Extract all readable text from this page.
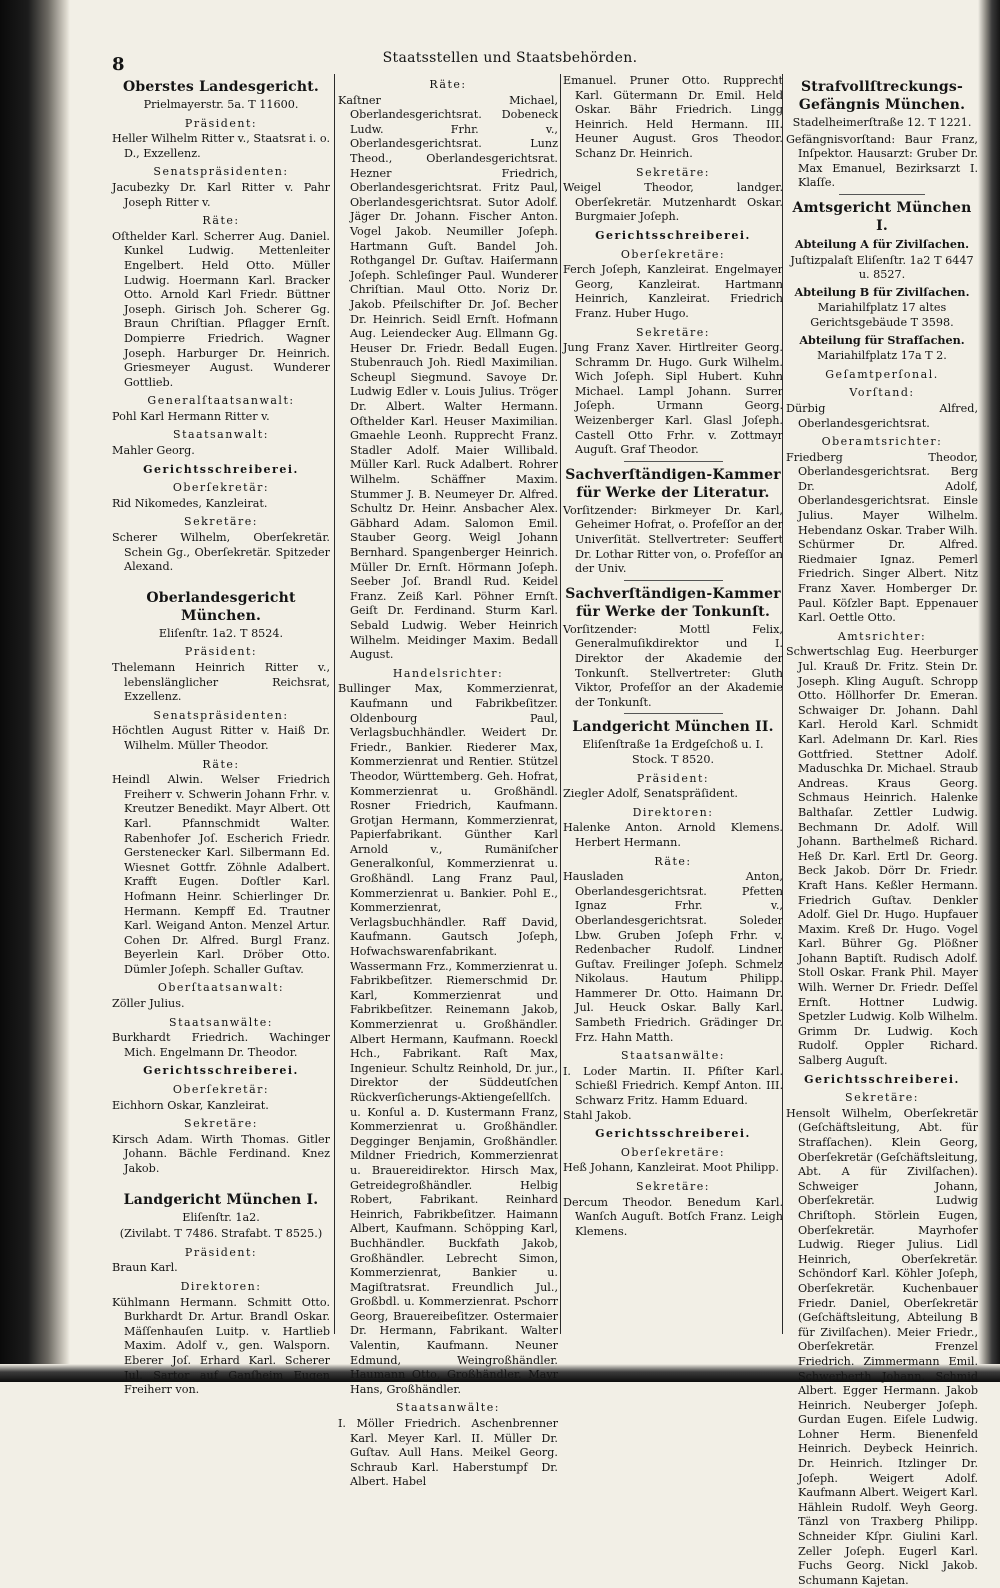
8	Staatsstellen und Staatsbehörden.
Oberstes Landesgericht.
Prielmayerstr. 5a. T 11600.
Präsident:

Heller Wilhelm Ritter v., Staatsrat i. o. D., Exzellenz.

Senatspräsidenten:

Jacubezky Dr. Karl Ritter v. Pahr Joseph Ritter v.

Räte:

Oſthelder Karl. Scherrer Aug. Daniel. Kunkel Ludwig. Mettenleiter Engelbert. Held Otto. Müller Ludwig. Hoermann Karl. Bracker Otto. Arnold Karl Friedr. Büttner Joseph. Girisch Joh. Scherer Gg. Braun Chriſtian. Pflagger Ernſt. Dompierre Friedrich. Wagner Joseph. Harburger Dr. Heinrich. Griesmeyer August. Wunderer Gottlieb.

Generalſtaatsanwalt:

Pohl Karl Hermann Ritter v.

Staatsanwalt:

Mahler Georg.

Gerichtsschreiberei.
Oberſekretär:

Rid Nikomedes, Kanzleirat.

Sekretäre:

Scherer Wilhelm, Oberſekretär. Schein Gg., Oberſekretär. Spitzeder Alexand.

Oberlandesgericht München.
Eliſenſtr. 1a2. T 8524.
Präsident:

Thelemann Heinrich Ritter v., lebenslänglicher Reichsrat, Exzellenz.

Senatspräsidenten:

Höchtlen August Ritter v. Haiß Dr. Wilhelm. Müller Theodor.

Räte:

Heindl Alwin. Welser Friedrich Freiherr v. Schwerin Johann Frhr. v. Kreutzer Benedikt. Mayr Albert. Ott Karl. Pfannschmidt Walter. Rabenhofer Joſ. Escherich Friedr. Gerstenecker Karl. Silbermann Ed. Wiesnet Gottfr. Zöhnle Adalbert. Krafft Eugen. Doſtler Karl. Hofmann Heinr. Schierlinger Dr. Hermann. Kempff Ed. Trautner Karl. Weigand Anton. Menzel Artur. Cohen Dr. Alfred. Burgl Franz. Beyerlein Karl. Dröber Otto. Dümler Joſeph. Schaller Guſtav.

Oberſtaatsanwalt:

Zöller Julius.

Staatsanwälte:

Burkhardt Friedrich. Wachinger Mich. Engelmann Dr. Theodor.

Gerichtsschreiberei.
Oberſekretär:

Eichhorn Oskar, Kanzleirat.

Sekretäre:

Kirsch Adam. Wirth Thomas. Gitler Johann. Bächle Ferdinand. Knez Jakob.

Landgericht München I.
Eliſenſtr. 1a2.
(Zivilabt. T 7486. Strafabt. T 8525.)
Präsident:

Braun Karl.

Direktoren:

Kühlmann Hermann. Schmitt Otto. Burkhardt Dr. Artur. Brandl Oskar. Mäſſenhauſen Luitp. v. Hartlieb Maxim. Adolf v., gen. Walsporn. Eberer Joſ. Erhard Karl. Scherer Jul. Sartor auf Ganſheim Eugen Freiherr von.

Räte:

Kaſtner Michael, Oberlandesgerichtsrat. Dobeneck Ludw. Frhr. v., Oberlandesgerichtsrat. Lunz Theod., Oberlandesgerichtsrat. Hezner Friedrich, Oberlandesgerichtsrat. Fritz Paul, Oberlandesgerichtsrat. Sutor Adolf. Jäger Dr. Johann. Fischer Anton. Vogel Jakob. Neumiller Joſeph. Hartmann Guſt. Bandel Joh. Rothgangel Dr. Guſtav. Haiſermann Joſeph. Schleſinger Paul. Wunderer Chriſtian. Maul Otto. Noriz Dr. Jakob. Pfeilschifter Dr. Joſ. Becher Dr. Heinrich. Seidl Ernſt. Hofmann Aug. Leiendecker Aug. Ellmann Gg. Heuser Dr. Friedr. Bedall Eugen. Stubenrauch Joh. Riedl Maximilian. Scheupl Siegmund. Savoye Dr. Ludwig Edler v. Louis Julius. Tröger Dr. Albert. Walter Hermann. Oſthelder Karl. Heuser Maximilian. Gmaehle Leonh. Rupprecht Franz. Stadler Adolf. Maier Willibald. Müller Karl. Ruck Adalbert. Rohrer Wilhelm. Schäffner Maxim. Stummer J. B. Neumeyer Dr. Alfred. Schultz Dr. Heinr. Ansbacher Alex. Gäbhard Adam. Salomon Emil. Stauber Georg. Weigl Johann Bernhard. Spangenberger Heinrich. Müller Dr. Ernſt. Hörmann Joſeph. Seeber Joſ. Brandl Rud. Keidel Franz. Zeiß Karl. Pöhner Ernſt. Geiſt Dr. Ferdinand. Sturm Karl. Sebald Ludwig. Weber Heinrich Wilhelm. Meidinger Maxim. Bedall August.

Handelsrichter:

Bullinger Max, Kommerzienrat, Kaufmann und Fabrikbeſitzer. Oldenbourg Paul, Verlagsbuchhändler. Weidert Dr. Friedr., Bankier. Riederer Max, Kommerzienrat und Rentier. Stützel Theodor, Württemberg. Geh. Hofrat, Kommerzienrat u. Großhändl. Rosner Friedrich, Kaufmann. Grotjan Hermann, Kommerzienrat, Papierfabrikant. Günther Karl Arnold v., Rumäniſcher Generalkonſul, Kommerzienrat u. Großhändl. Lang Franz Paul, Kommerzienrat u. Bankier. Pohl E., Kommerzienrat, Verlagsbuchhändler. Raff David, Kaufmann. Gautsch Joſeph, Hofwachswarenfabrikant. Wassermann Frz., Kommerzienrat u. Fabrikbeſitzer. Riemerschmid Dr. Karl, Kommerzienrat und Fabrikbeſitzer. Reinemann Jakob, Kommerzienrat u. Großhändler. Albert Hermann, Kaufmann. Roeckl Hch., Fabrikant. Raſt Max, Ingenieur. Schultz Reinhold, Dr. jur., Direktor der Süddeutſchen Rückverſicherungs-Aktiengeſellſch. u. Konſul a. D. Kustermann Franz, Kommerzienrat u. Großhändler. Degginger Benjamin, Großhändler. Mildner Friedrich, Kommerzienrat u. Brauereidirektor. Hirsch Max, Getreidegroßhändler. Helbig Robert, Fabrikant. Reinhard Heinrich, Fabrikbeſitzer. Haimann Albert, Kaufmann. Schöpping Karl, Buchhändler. Buckfath Jakob, Großhändler. Lebrecht Simon, Kommerzienrat, Bankier u. Magiſtratsrat. Freundlich Jul., Großbdl. u. Kommerzienrat. Pschorr Georg, Brauereibeſitzer. Ostermaier Dr. Hermann, Fabrikant. Walter Valentin, Kaufmann. Neuner Edmund, Weingroßhändler. Haumann Otto, Großhändler. Mayr Hans, Großhändler.

Staatsanwälte:

I. Möller Friedrich. Aschenbrenner Karl. Meyer Karl. II. Müller Dr. Guſtav. Aull Hans. Meikel Georg. Schraub Karl. Haberstumpf Dr. Albert. Habel

Emanuel. Pruner Otto. Rupprecht Karl. Gütermann Dr. Emil. Held Oskar. Bähr Friedrich. Lingg Heinrich. Held Hermann. III. Heuner August. Gros Theodor. Schanz Dr. Heinrich.

Sekretäre:

Weigel Theodor, landger. Oberſekretär. Mutzenhardt Oskar. Burgmaier Joſeph.

Gerichtsschreiberei.
Oberſekretäre:

Ferch Joſeph, Kanzleirat. Engelmayer Georg, Kanzleirat. Hartmann Heinrich, Kanzleirat. Friedrich Franz. Huber Hugo.

Sekretäre:

Jung Franz Xaver. Hirtlreiter Georg. Schramm Dr. Hugo. Gurk Wilhelm. Wich Joſeph. Sipl Hubert. Kuhn Michael. Lampl Johann. Surrer Joſeph. Urmann Georg. Weizenberger Karl. Glasl Joſeph. Castell Otto Frhr. v. Zottmayr Auguſt. Graf Theodor.

Sachverſtändigen-Kammer für Werke der Literatur.

Vorſitzender: Birkmeyer Dr. Karl, Geheimer Hofrat, o. Profeſſor an der Univerſität. Stellvertreter: Seuffert Dr. Lothar Ritter von, o. Profeſſor an der Univ.

Sachverſtändigen-Kammer für Werke der Tonkunſt.

Vorſitzender: Mottl Felix, Generalmuſikdirektor und I. Direktor der Akademie der Tonkunſt. Stellvertreter: Gluth Viktor, Profeſſor an der Akademie der Tonkunſt.

Landgericht München II.
Eliſenſtraße 1a Erdgeſchoß u. I. Stock. T 8520.
Präsident:

Ziegler Adolf, Senatspräſident.

Direktoren:

Halenke Anton. Arnold Klemens. Herbert Hermann.

Räte:

Hausladen Anton, Oberlandesgerichtsrat. Pfetten Ignaz Frhr. v., Oberlandesgerichtsrat. Soleder Lbw. Gruben Joſeph Frhr. v. Redenbacher Rudolf. Lindner Guſtav. Freilinger Joſeph. Schmelz Nikolaus. Hautum Philipp. Hammerer Dr. Otto. Haimann Dr. Jul. Heuck Oskar. Bally Karl. Sambeth Friedrich. Grädinger Dr. Frz. Hahn Matth.

Staatsanwälte:

I. Loder Martin. II. Pfiſter Karl. Schießl Friedrich. Kempf Anton. III. Schwarz Fritz. Hamm Eduard.

Stahl Jakob.

Gerichtsschreiberei.
Oberſekretäre:

Heß Johann, Kanzleirat. Moot Philipp.

Sekretäre:

Dercum Theodor. Benedum Karl. Wanſch Auguſt. Botſch Franz. Leigh Klemens.

Strafvollſtreckungs-Gefängnis München.
Stadelheimerſtraße 12. T 1221.

Gefängnisvorſtand: Baur Franz, Inſpektor. Hausarzt: Gruber Dr. Max Emanuel, Bezirksarzt I. Klaſſe.

Amtsgericht München I.
Abteilung A für Zivilſachen.
Juſtizpalaſt Eliſenſtr. 1a2 T 6447 u. 8527.
Abteilung B für Zivilſachen.
Mariahilfplatz 17 altes Gerichtsgebäude T 3598.
Abteilung für Strafſachen.
Mariahilfplatz 17a T 2.
Geſamtperſonal.
Vorſtand:

Dürbig Alfred, Oberlandesgerichtsrat.

Oberamtsrichter:

Friedberg Theodor, Oberlandesgerichtsrat. Berg Dr. Adolf, Oberlandesgerichtsrat. Einsle Julius. Mayer Wilhelm. Hebendanz Oskar. Traber Wilh. Schürmer Dr. Alfred. Riedmaier Ignaz. Pemerl Friedrich. Singer Albert. Nitz Franz Xaver. Homberger Dr. Paul. Köſzler Bapt. Eppenauer Karl. Oettle Otto.

Amtsrichter:

Schwertschlag Eug. Heerburger Jul. Krauß Dr. Fritz. Stein Dr. Joseph. Kling Auguſt. Schropp Otto. Höllhorfer Dr. Emeran. Schwaiger Dr. Johann. Dahl Karl. Herold Karl. Schmidt Karl. Adelmann Dr. Karl. Ries Gottfried. Stettner Adolf. Maduschka Dr. Michael. Straub Andreas. Kraus Georg. Schmaus Heinrich. Halenke Balthaſar. Zettler Ludwig. Bechmann Dr. Adolf. Will Johann. Barthelmeß Richard. Heß Dr. Karl. Ertl Dr. Georg. Beck Jakob. Dörr Dr. Friedr. Kraft Hans. Keßler Hermann. Friedrich Guſtav. Denkler Adolf. Giel Dr. Hugo. Hupfauer Maxim. Kreß Dr. Hugo. Vogel Karl. Bührer Gg. Plößner Johann Baptiſt. Rudisch Adolf. Stoll Oskar. Frank Phil. Mayer Wilh. Werner Dr. Friedr. Deſſel Ernſt. Hottner Ludwig. Spetzler Ludwig. Kolb Wilhelm. Grimm Dr. Ludwig. Koch Rudolf. Oppler Richard. Salberg Auguſt.

Gerichtsschreiberei.
Sekretäre:

Hensolt Wilhelm, Oberſekretär (Geſchäftsleitung, Abt. für Strafſachen). Klein Georg, Oberſekretär (Geſchäftsleitung, Abt. A für Zivilſachen). Schweiger Johann, Oberſekretär. Ludwig Chriſtoph. Störlein Eugen, Oberſekretär. Mayrhofer Ludwig. Rieger Julius. Lidl Heinrich, Oberſekretär. Schöndorf Karl. Köhler Joſeph, Oberſekretär. Kuchenbauer Friedr. Daniel, Oberſekretär (Geſchäftsleitung, Abteilung B für Zivilſachen). Meier Friedr., Oberſekretär. Frenzel Friedrich. Zimmermann Emil. Schwerberth Johann. Schmid Albert. Egger Hermann. Jakob Heinrich. Neuberger Joſeph. Gurdan Eugen. Eiſele Ludwig. Lohner Herm. Bienenfeld Heinrich. Deybeck Heinrich. Dr. Heinrich. Itzlinger Dr. Joſeph. Weigert Adolf. Kaufmann Albert. Weigert Karl. Hählein Rudolf. Weyh Georg. Tänzl von Traxberg Philipp. Schneider Kſpr. Giulini Karl. Zeller Joſeph. Eugerl Karl. Fuchs Georg. Nickl Jakob. Schumann Kajetan.
